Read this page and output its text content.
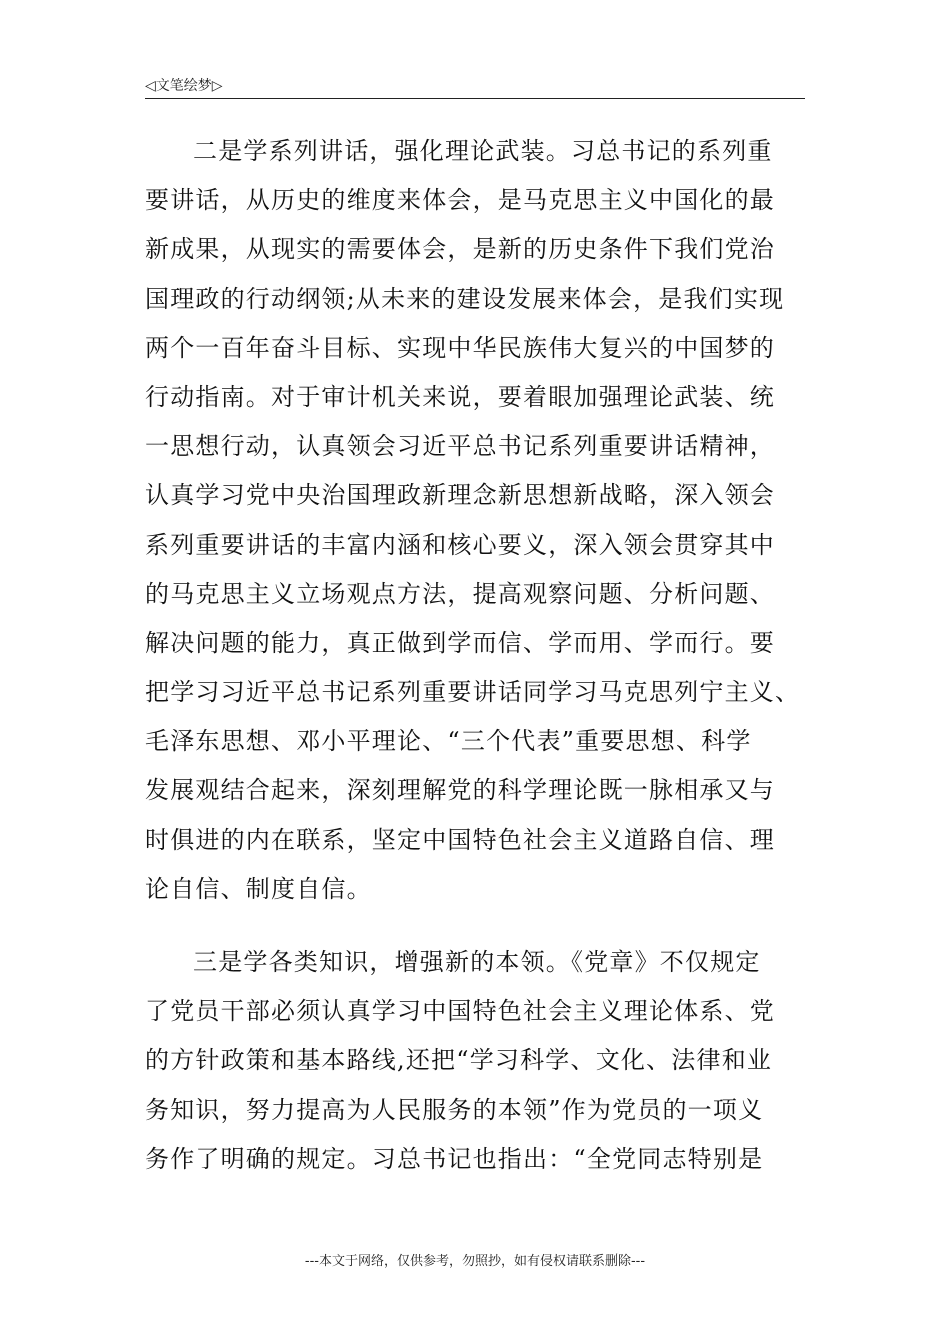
◁文笔绘梦▷
二是学系列讲话，强化理论武装。习总书记的系列重
要讲话，从历史的维度来体会，是马克思主义中国化的最
新成果，从现实的需要体会，是新的历史条件下我们党治
国理政的行动纲领;从未来的建设发展来体会，是我们实现
两个一百年奋斗目标、实现中华民族伟大复兴的中国梦的
行动指南。对于审计机关来说，要着眼加强理论武装、统
一思想行动，认真领会习近平总书记系列重要讲话精神，
认真学习党中央治国理政新理念新思想新战略，深入领会
系列重要讲话的丰富内涵和核心要义，深入领会贯穿其中
的马克思主义立场观点方法，提高观察问题、分析问题、
解决问题的能力，真正做到学而信、学而用、学而行。要
把学习习近平总书记系列重要讲话同学习马克思列宁主义、
毛泽东思想、邓小平理论、“三个代表”重要思想、科学
发展观结合起来，深刻理解党的科学理论既一脉相承又与
时俱进的内在联系，坚定中国特色社会主义道路自信、理
论自信、制度自信。
三是学各类知识，增强新的本领。《党章》不仅规定
了党员干部必须认真学习中国特色社会主义理论体系、党
的方针政策和基本路线,还把“学习科学、文化、法律和业
务知识，努力提高为人民服务的本领”作为党员的一项义
务作了明确的规定。习总书记也指出：“全党同志特别是
---本文于网络，仅供参考，勿照抄，如有侵权请联系删除---
